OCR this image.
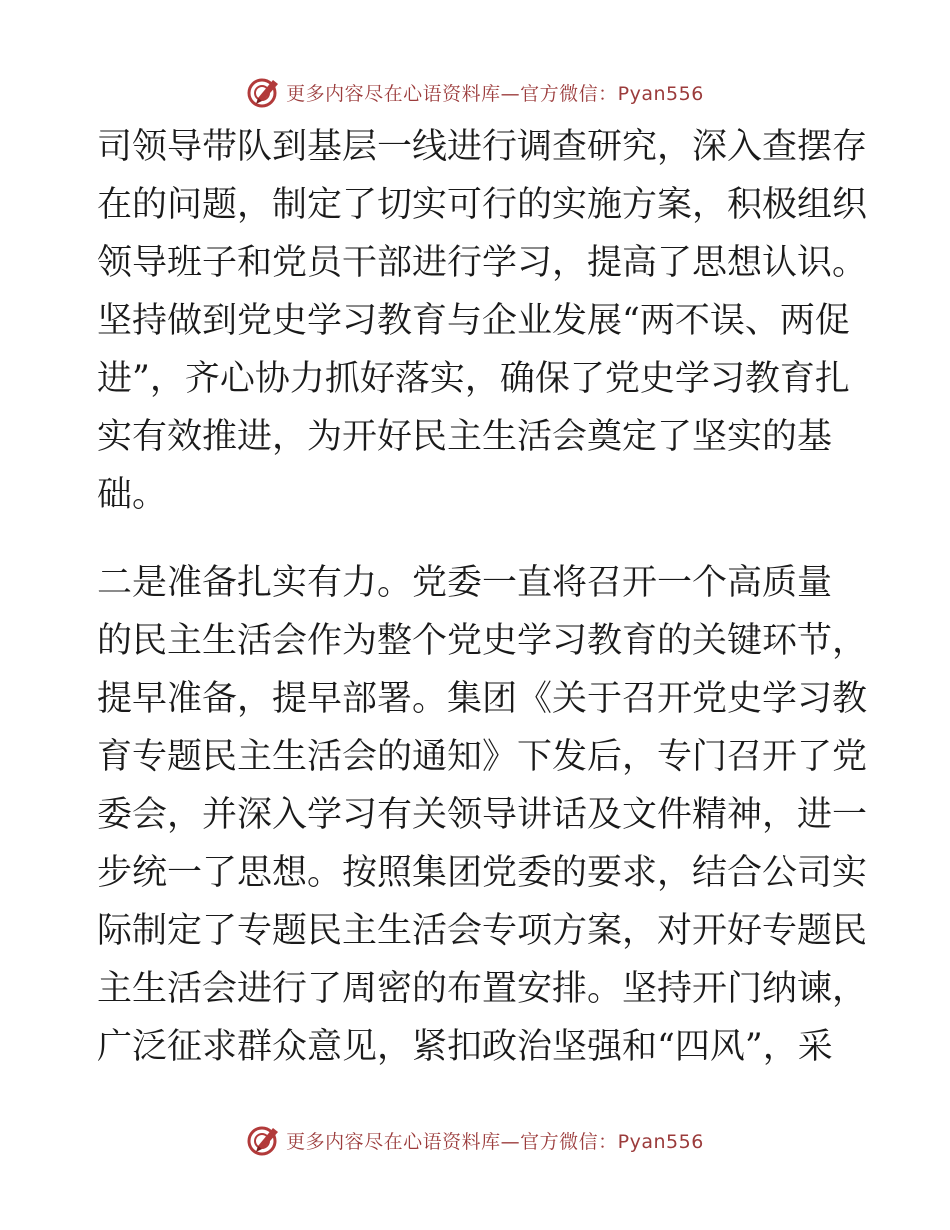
更多内容尽在心语资料库—官方微信：Pyan556
司领导带队到基层一线进行调查研究，深入查摆存
在的问题，制定了切实可行的实施方案，积极组织
领导班子和党员干部进行学习，提高了思想认识。
坚持做到党史学习教育与企业发展“两不误、两促
进”，齐心协力抓好落实，确保了党史学习教育扎
实有效推进，为开好民主生活会奠定了坚实的基
础。
二是准备扎实有力。党委一直将召开一个高质量
的民主生活会作为整个党史学习教育的关键环节，
提早准备，提早部署。集团《关于召开党史学习教
育专题民主生活会的通知》下发后，专门召开了党
委会，并深入学习有关领导讲话及文件精神，进一
步统一了思想。按照集团党委的要求，结合公司实
际制定了专题民主生活会专项方案，对开好专题民
主生活会进行了周密的布置安排。坚持开门纳谏，
广泛征求群众意见，紧扣政治坚强和“四风”，采
更多内容尽在心语资料库—官方微信：Pyan556
